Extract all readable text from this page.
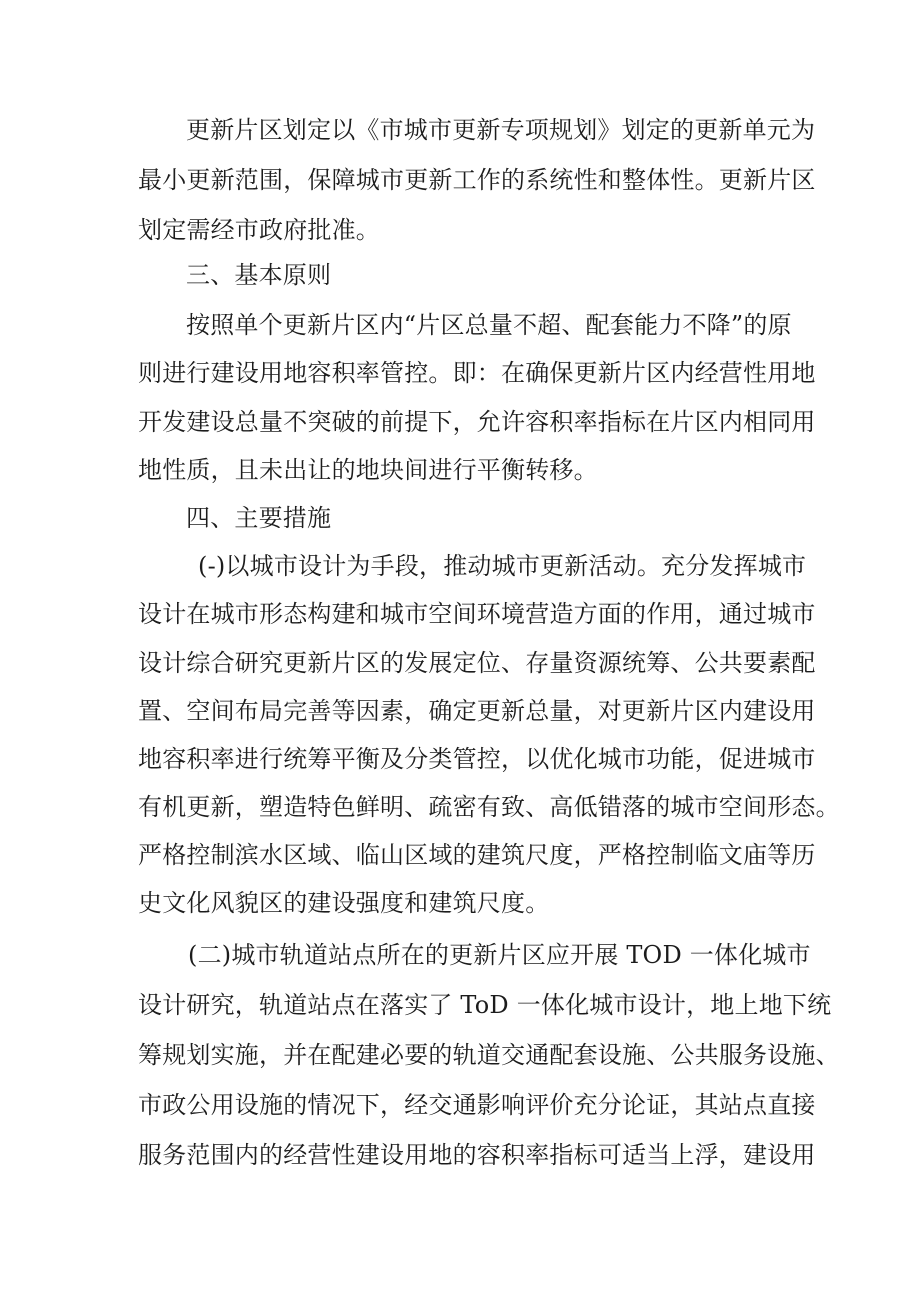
更新片区划定以《市城市更新专项规划》划定的更新单元为
最小更新范围，保障城市更新工作的系统性和整体性。更新片区
划定需经市政府批准。
三、基本原则
按照单个更新片区内“片区总量不超、配套能力不降”的原
则进行建设用地容积率管控。即：在确保更新片区内经营性用地
开发建设总量不突破的前提下，允许容积率指标在片区内相同用
地性质，且未出让的地块间进行平衡转移。
四、主要措施
(-)以城市设计为手段，推动城市更新活动。充分发挥城市
设计在城市形态构建和城市空间环境营造方面的作用，通过城市
设计综合研究更新片区的发展定位、存量资源统筹、公共要素配
置、空间布局完善等因素，确定更新总量，对更新片区内建设用
地容积率进行统筹平衡及分类管控，以优化城市功能，促进城市
有机更新，塑造特色鲜明、疏密有致、高低错落的城市空间形态。
严格控制滨水区域、临山区域的建筑尺度，严格控制临文庙等历
史文化风貌区的建设强度和建筑尺度。
(二)城市轨道站点所在的更新片区应开展 TOD 一体化城市
设计研究，轨道站点在落实了 ToD 一体化城市设计，地上地下统
筹规划实施，并在配建必要的轨道交通配套设施、公共服务设施、
市政公用设施的情况下，经交通影响评价充分论证，其站点直接
服务范围内的经营性建设用地的容积率指标可适当上浮，建设用
